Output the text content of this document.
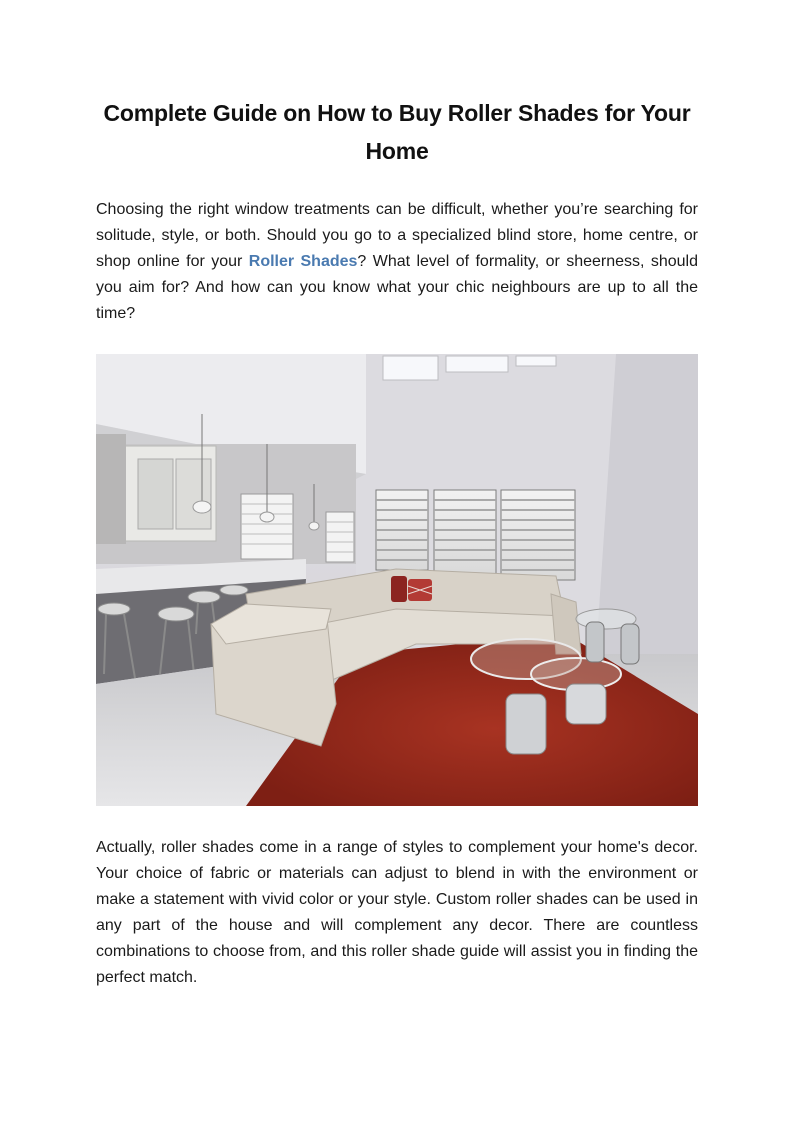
Complete Guide on How to Buy Roller Shades for Your Home
Choosing the right window treatments can be difficult, whether you’re searching for solitude, style, or both. Should you go to a specialized blind store, home centre, or shop online for your Roller Shades? What level of formality, or sheerness, should you aim for? And how can you know what your chic neighbours are up to all the time?
Actually, roller shades come in a range of styles to complement your home's decor. Your choice of fabric or materials can adjust to blend in with the environment or make a statement with vivid color or your style. Custom roller shades can be used in any part of the house and will complement any decor. There are countless combinations to choose from, and this roller shade guide will assist you in finding the perfect match.
